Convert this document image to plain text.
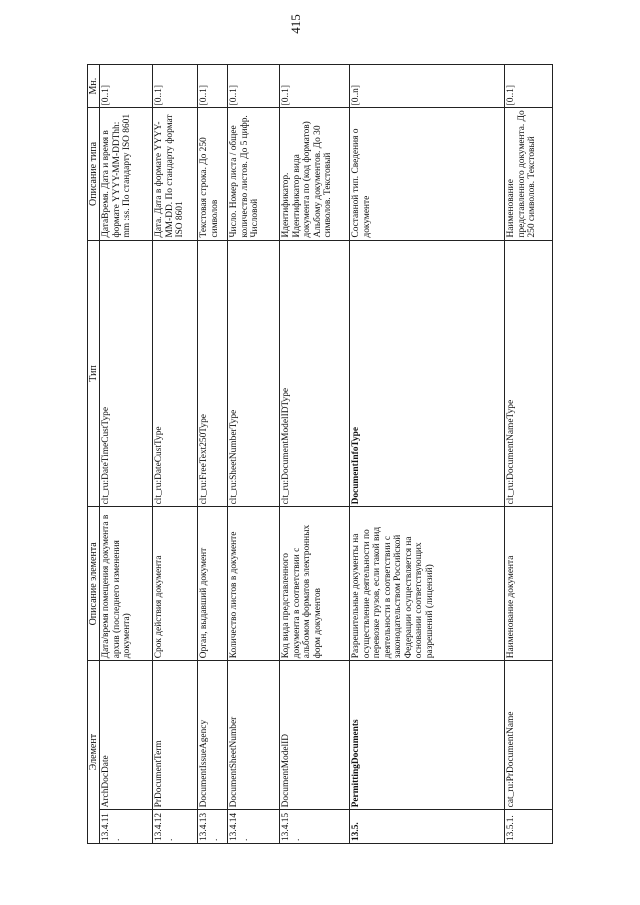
415
Элемент		Описание элемента	Тип	Описание типа	Мн.
13.4.11.	ArchDocDate	Дата/время помещения документа в архив (последнего изменения документа)	clt_ru:DateTimeCustType	ДатаВремя. Дата и время в формате YYYY-MM-DDThh: mm :ss. По стандарту ISO 8601	[0..1]
13.4.12.	PrDocumentTerm	Срок действия документа	clt_ru:DateCustType	Дата. Дата в формате YYYY-MM-DD. По стандарту формат ISO 8601	[0..1]
13.4.13.	DocumentIssueAgency	Орган, выдавший документ	clt_ru:FreeText250Type	Текстовая строка. До 250 символов	[0..1]
13.4.14.	DocumentSheetNumber	Количество листов в документе	clt_ru:SheetNumberType	Число. Номер листа / общее количество листов. До 5 цифр. Числовой	[0..1]
13.4.15.	DocumentModelID	Код вида представленного документа в соответствии с альбомом форматов электронных форм документов	clt_ru:DocumentModelIDType	Идентификатор. Идентификатор вида документа по (код форматов) Альбому документов. До 30 символов. Текстовый	[0..1]
13.5.	PermittingDocuments	Разрешительные документы на осуществление деятельности по перевозке грузов, если такой вид деятельности в соответствии с законодательством Российской Федерации осуществляется на основании соответствующих разрешений (лицензий)	DocumentInfoType	Составной тип. Сведения о документе	[0..n]
13.5.1.	cat_ru:PrDocumentName	Наименование документа	clt_ru:DocumentNameType	Наименование представленного документа. До 250 символов. Текстовый	[0..1]
